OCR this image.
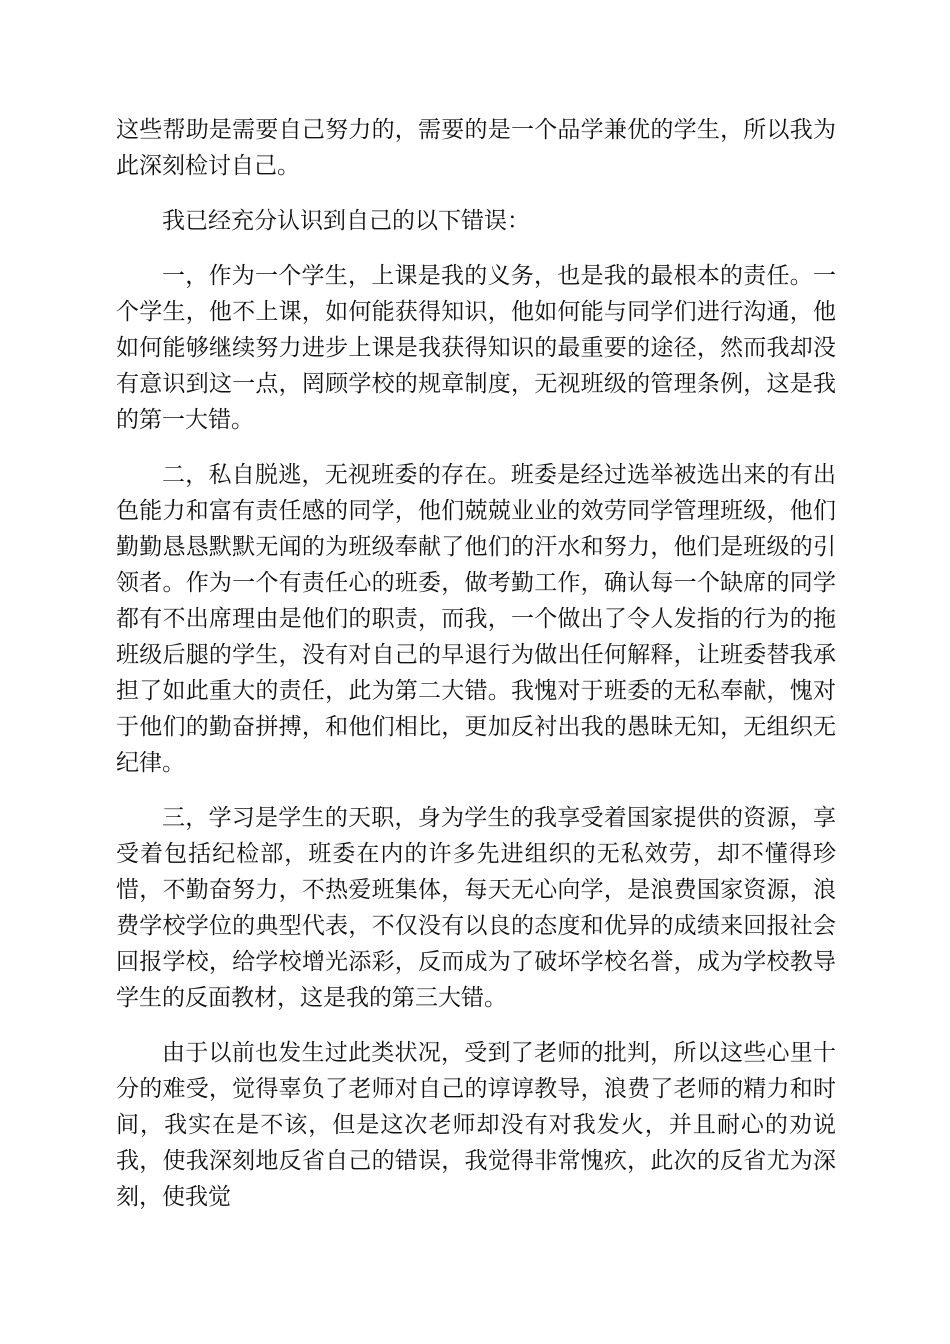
这些帮助是需要自己努力的，需要的是一个品学兼优的学生，所以我为此深刻检讨自己。

我已经充分认识到自己的以下错误：

一，作为一个学生，上课是我的义务，也是我的最根本的责任。一个学生，他不上课，如何能获得知识，他如何能与同学们进行沟通，他如何能够继续努力进步上课是我获得知识的最重要的途径，然而我却没有意识到这一点，罔顾学校的规章制度，无视班级的管理条例，这是我的第一大错。

二，私自脱逃，无视班委的存在。班委是经过选举被选出来的有出色能力和富有责任感的同学，他们兢兢业业的效劳同学管理班级，他们勤勤恳恳默默无闻的为班级奉献了他们的汗水和努力，他们是班级的引领者。作为一个有责任心的班委，做考勤工作，确认每一个缺席的同学都有不出席理由是他们的职责，而我，一个做出了令人发指的行为的拖班级后腿的学生，没有对自己的早退行为做出任何解释，让班委替我承担了如此重大的责任，此为第二大错。我愧对于班委的无私奉献，愧对于他们的勤奋拼搏，和他们相比，更加反衬出我的愚昧无知，无组织无纪律。

三，学习是学生的天职，身为学生的我享受着国家提供的资源，享受着包括纪检部，班委在内的许多先进组织的无私效劳，却不懂得珍惜，不勤奋努力，不热爱班集体，每天无心向学，是浪费国家资源，浪费学校学位的典型代表，不仅没有以良的态度和优异的成绩来回报社会回报学校，给学校增光添彩，反而成为了破坏学校名誉，成为学校教导学生的反面教材，这是我的第三大错。

由于以前也发生过此类状况，受到了老师的批判，所以这些心里十分的难受，觉得辜负了老师对自己的谆谆教导，浪费了老师的精力和时间，我实在是不该，但是这次老师却没有对我发火，并且耐心的劝说我，使我深刻地反省自己的错误，我觉得非常愧疚，此次的反省尤为深刻，使我觉
